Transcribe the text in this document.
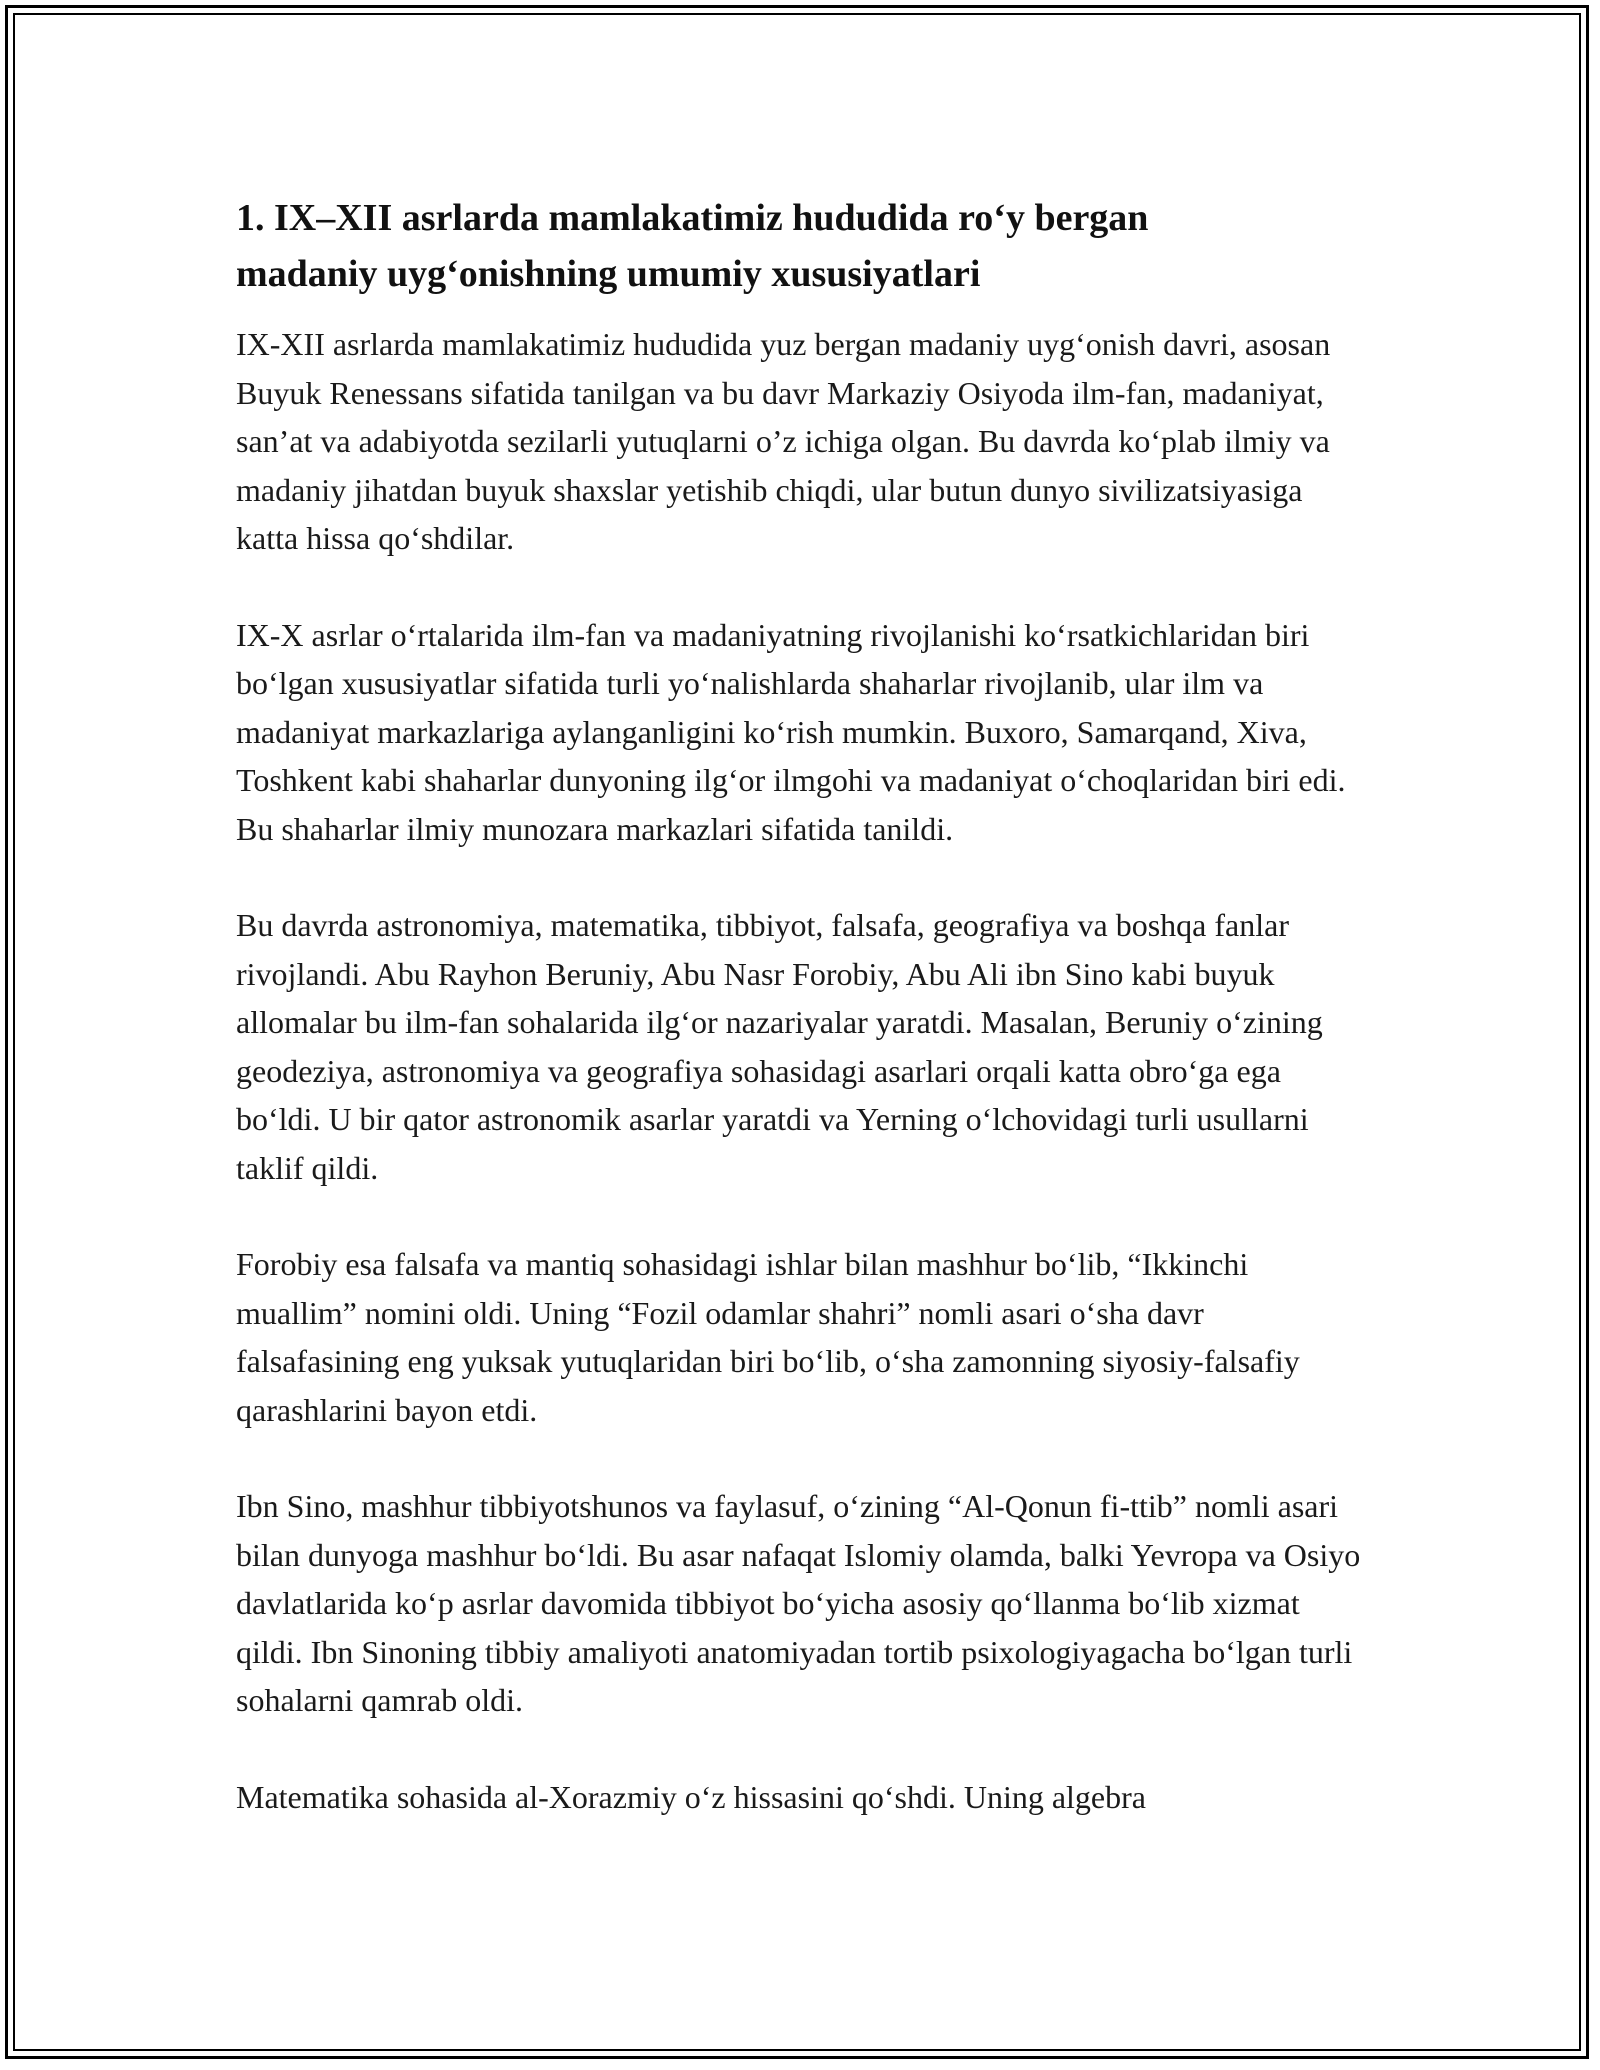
1. IX–XII asrlarda mamlakatimiz hududida ro‘y bergan
madaniy uyg‘onishning umumiy xususiyatlari

IX-XII asrlarda mamlakatimiz hududida yuz bergan madaniy uyg‘onish davri, asosan Buyuk Renessans sifatida tanilgan va bu davr Markaziy Osiyoda ilm-fan, madaniyat, san’at va adabiyotda sezilarli yutuqlarni o’z ichiga olgan. Bu davrda ko‘plab ilmiy va madaniy jihatdan buyuk shaxslar yetishib chiqdi, ular butun dunyo sivilizatsiyasiga katta hissa qo‘shdilar.

IX-X asrlar o‘rtalarida ilm-fan va madaniyatning rivojlanishi ko‘rsatkichlaridan biri bo‘lgan xususiyatlar sifatida turli yo‘nalishlarda shaharlar rivojlanib, ular ilm va madaniyat markazlariga aylanganligini ko‘rish mumkin. Buxoro, Samarqand, Xiva, Toshkent kabi shaharlar dunyoning ilg‘or ilmgohi va madaniyat o‘choqlaridan biri edi. Bu shaharlar ilmiy munozara markazlari sifatida tanildi.

Bu davrda astronomiya, matematika, tibbiyot, falsafa, geografiya va boshqa fanlar rivojlandi. Abu Rayhon Beruniy, Abu Nasr Forobiy, Abu Ali ibn Sino kabi buyuk allomalar bu ilm-fan sohalarida ilg‘or nazariyalar yaratdi. Masalan, Beruniy o‘zining geodeziya, astronomiya va geografiya sohasidagi asarlari orqali katta obro‘ga ega bo‘ldi. U bir qator astronomik asarlar yaratdi va Yerning o‘lchovidagi turli usullarni taklif qildi.

Forobiy esa falsafa va mantiq sohasidagi ishlar bilan mashhur bo‘lib, “Ikkinchi muallim” nomini oldi. Uning “Fozil odamlar shahri” nomli asari o‘sha davr falsafasining eng yuksak yutuqlaridan biri bo‘lib, o‘sha zamonning siyosiy-falsafiy qarashlarini bayon etdi.

Ibn Sino, mashhur tibbiyotshunos va faylasuf, o‘zining “Al-Qonun fi-ttib” nomli asari bilan dunyoga mashhur bo‘ldi. Bu asar nafaqat Islomiy olamda, balki Yevropa va Osiyo davlatlarida ko‘p asrlar davomida tibbiyot bo‘yicha asosiy qo‘llanma bo‘lib xizmat qildi. Ibn Sinoning tibbiy amaliyoti anatomiyadan tortib psixologiyagacha bo‘lgan turli sohalarni qamrab oldi.

Matematika sohasida al-Xorazmiy o‘z hissasini qo‘shdi. Uning algebra
